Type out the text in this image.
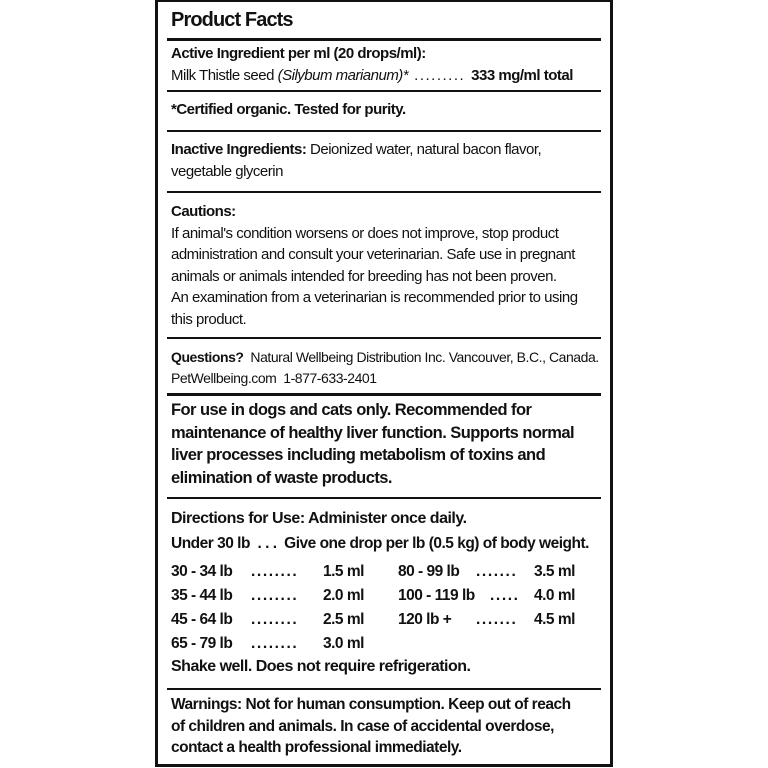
Product Facts
Active Ingredient per ml (20 drops/ml):
Milk Thistle seed
(Silybum marianum)* ......... 333 mg/ml total
*Certified organic. Tested for purity.
Inactive Ingredients: Deionized water, natural bacon flavor,
vegetable glycerin
Cautions:
If animal's condition worsens or does not improve, stop product
administration and consult your veterinarian. Safe use in pregnant
animals or animals intended for breeding has not been proven.
An examination from a veterinarian is recommended prior to using
this product.
Questions?
Natural Wellbeing Distribution Inc. Vancouver, B.C., Canada.
PetWellbeing.com  1-877-633-2401
For use in dogs and cats only. Recommended for
maintenance of healthy liver function. Supports normal
liver processes including metabolism of toxins and
elimination of waste products.
Directions for Use: Administer once daily.
Under 30 lb  . . .  Give one drop per lb (0.5 kg) of body weight.
30 - 34 lb ........ 1.5 ml
35 - 44 lb ........ 2.0 ml
45 - 64 lb ........ 2.5 ml
65 - 79 lb ........ 3.0 ml
80 - 99 lb ....... 3.5 ml
100 - 119 lb ..... 4.0 ml
120 lb + ....... 4.5 ml
Shake well. Does not require refrigeration.
Warnings: Not for human consumption. Keep out of reach
of children and animals. In case of accidental overdose,
contact a health professional immediately.
